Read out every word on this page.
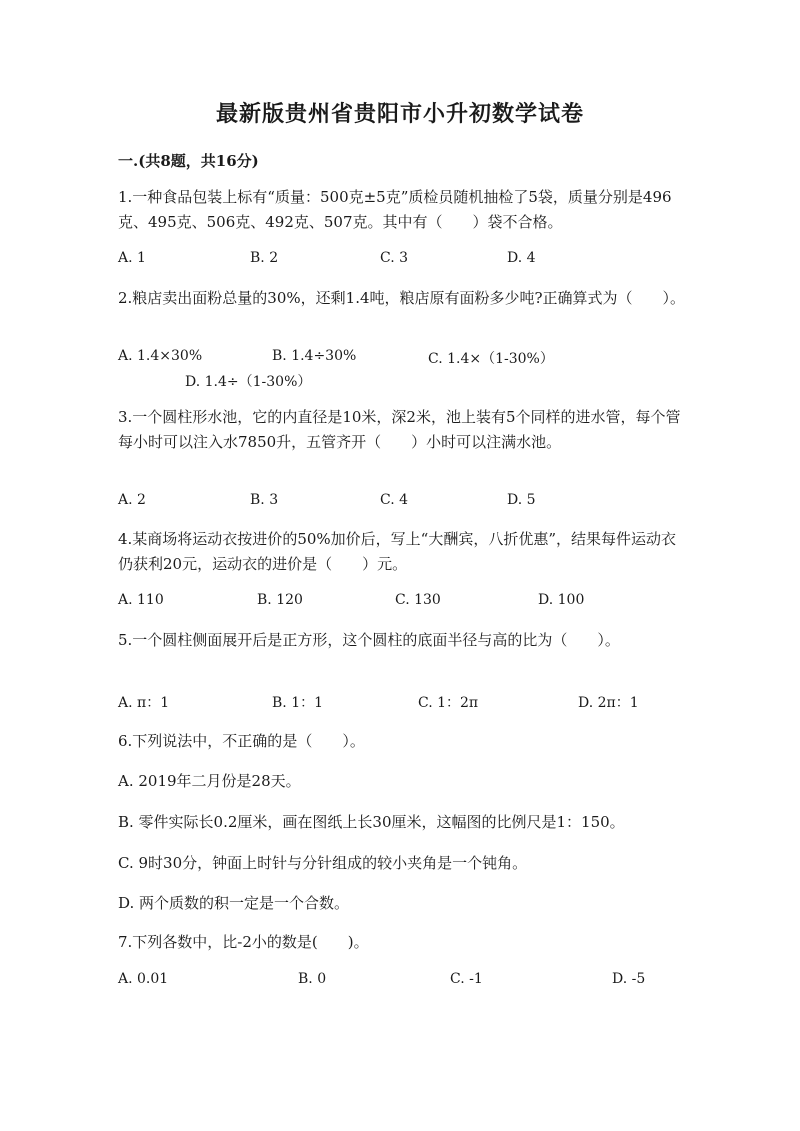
最新版贵州省贵阳市小升初数学试卷
一.(共8题，共16分)
1.一种食品包装上标有“质量：500克±5克”质检员随机抽检了5袋，质量分别是496克、495克、506克、492克、507克。其中有（　　）袋不合格。
A. 1	B. 2	C. 3	D. 4
2.粮店卖出面粉总量的30%，还剩1.4吨，粮店原有面粉多少吨?正确算式为（　　）。
A. 1.4×30%	B. 1.4÷30%	C. 1.4×（1-30%）
D. 1.4÷（1-30%）
3.一个圆柱形水池，它的内直径是10米，深2米，池上装有5个同样的进水管，每个管每小时可以注入水7850升，五管齐开（　　）小时可以注满水池。
A. 2	B. 3	C. 4	D. 5
4.某商场将运动衣按进价的50%加价后，写上“大酬宾，八折优惠”，结果每件运动衣仍获利20元，运动衣的进价是（　　）元。
A. 110	B. 120	C. 130	D. 100
5.一个圆柱侧面展开后是正方形，这个圆柱的底面半径与高的比为（　　）。
A. π：1	B. 1：1	C. 1：2π	D. 2π：1
6.下列说法中，不正确的是（　　）。
A. 2019年二月份是28天。
B. 零件实际长0.2厘米，画在图纸上长30厘米，这幅图的比例尺是1：150。
C. 9时30分，钟面上时针与分针组成的较小夹角是一个钝角。
D. 两个质数的积一定是一个合数。
7.下列各数中，比-2小的数是(　　)。
A. 0.01	B. 0	C. -1	D. -5
